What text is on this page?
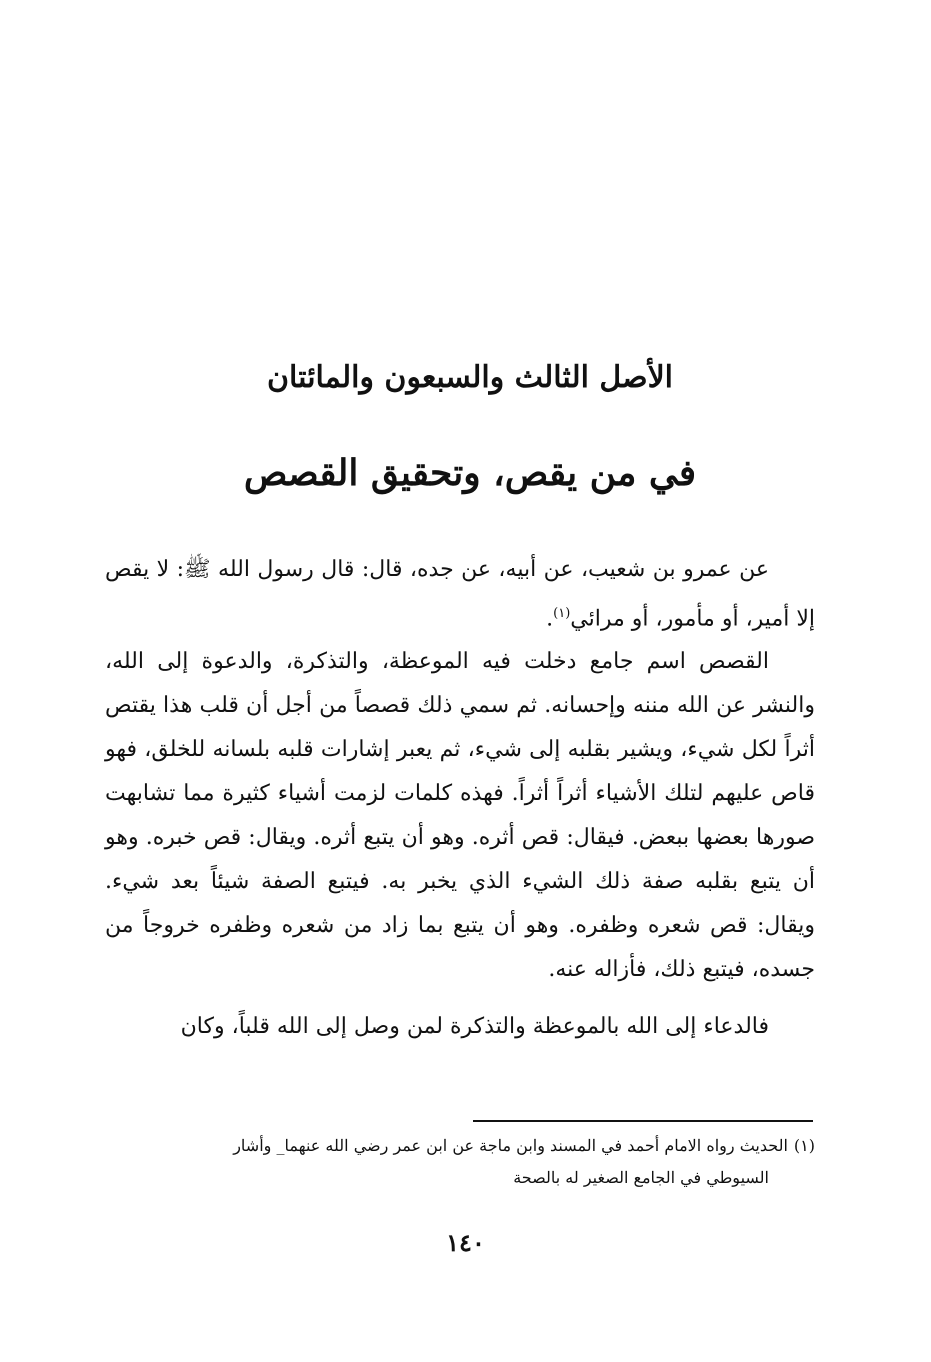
الأصل الثالث والسبعون والمائتان
في من يقص، وتحقيق القصص

عن عمرو بن شعيب، عن أبيه، عن جده، قال: قال رسول الله ﷺ: لا يقص إلا أمير، أو مأمور، أو مرائي$^{(١)}$.

القصص اسم جامع دخلت فيه الموعظة، والتذكرة، والدعوة إلى الله، والنشر عن الله مننه وإحسانه. ثم سمي ذلك قصصاً من أجل أن قلب هذا يقتص أثراً لكل شيء، ويشير بقلبه إلى شيء، ثم يعبر إشارات قلبه بلسانه للخلق، فهو قاص عليهم لتلك الأشياء أثراً أثراً. فهذه كلمات لزمت أشياء كثيرة مما تشابهت صورها بعضها ببعض. فيقال: قص أثره. وهو أن يتبع أثره. ويقال: قص خبره. وهو أن يتبع بقلبه صفة ذلك الشيء الذي يخبر به. فيتبع الصفة شيئاً بعد شيء. ويقال: قص شعره وظفره. وهو أن يتبع بما زاد من شعره وظفره خروجاً من جسده، فيتبع ذلك، فأزاله عنه.

فالدعاء إلى الله بالموعظة والتذكرة لمن وصل إلى الله قلباً، وكان

(١)الحديث رواه الامام أحمد في المسند وابن ماجة عن ابن عمر رضي الله عنهما_ وأشار
السيوطي في الجامع الصغير له بالصحة

١٤٠
